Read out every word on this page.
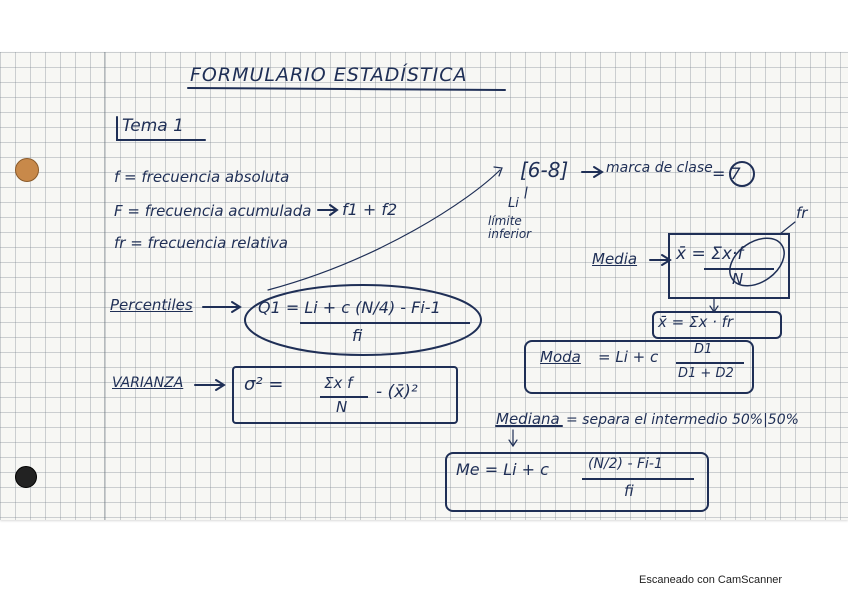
FORMULARIO ESTADÍSTICA
Tema 1
f = frecuencia absoluta
F = frecuencia acumulada f1 + f2
fr = frecuencia relativa
[6-8]	marca de clase = 7
Li
límite inferior
Percentiles	Q1 = Li + c (N/4) - Fi-1
fi
VARIANZA	σ² =	Σx f
N
- (x̄)²
Media x̄ = Σx·f
N
fr
x̄ = Σx · fr
Moda = Li + c	D1
D1 + D2
Mediana = separa el intermedio 50%|50%
Me = Li + c	(N/2) - Fi-1
fi
Escaneado con CamScanner
